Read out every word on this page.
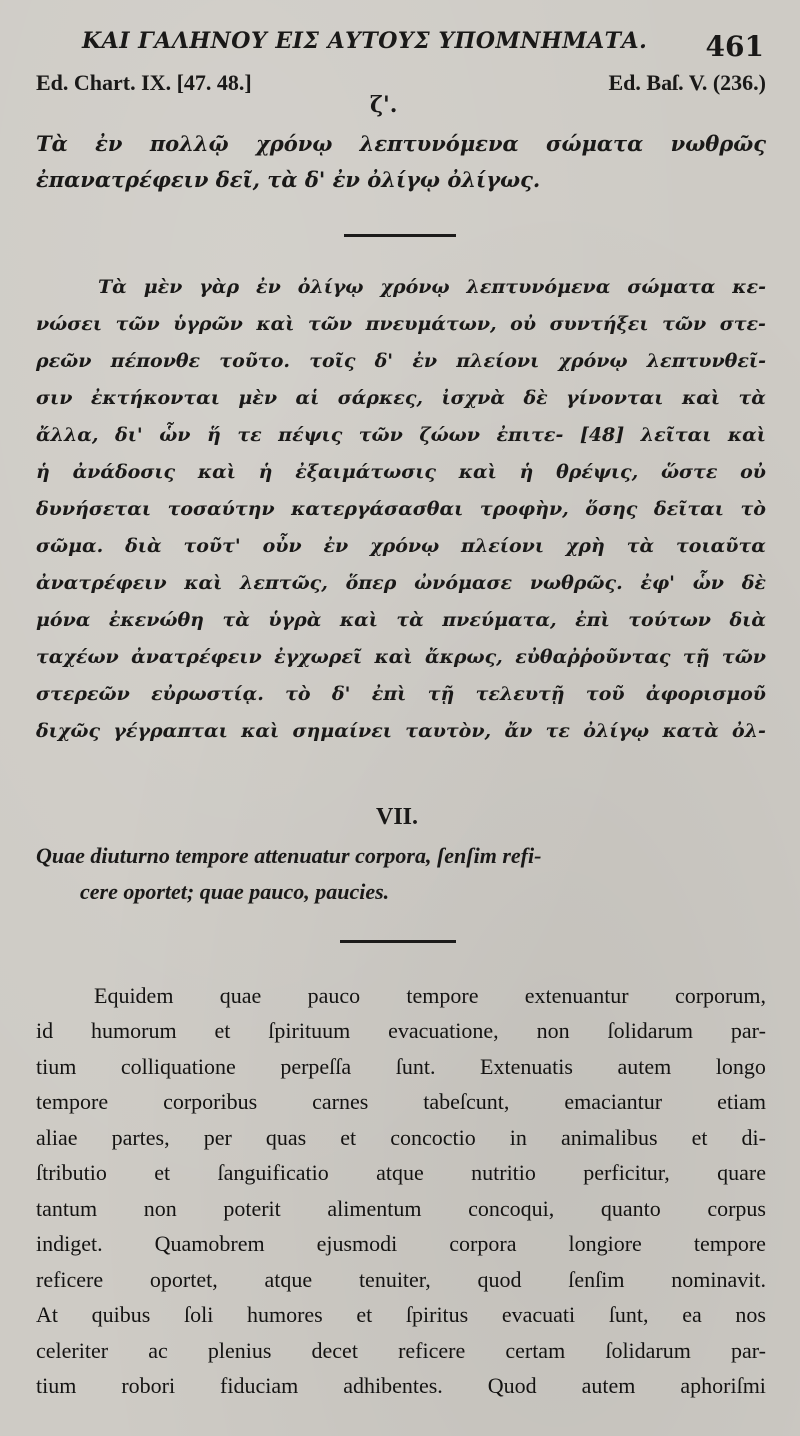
ΚΑΙ ΓΑΛΗΝΟΥ ΕΙΣ ΑΥΤΟΥΣ ΥΠΟΜΝΗΜΑΤΑ.	461
Ed. Chart. IX. [47. 48.]	Ed. Baſ. V. (236.)
ζ'.
Τὰ ἐν πολλῷ χρόνῳ λεπτυνόμενα σώματα νωθρῶς ἐπανατρέφειν δεῖ, τὰ δ' ἐν ὀλίγῳ ὀλίγως.
Τὰ μὲν γὰρ ἐν ὀλίγῳ χρόνῳ λεπτυνόμενα σώματα κε-
νώσει τῶν ὑγρῶν καὶ τῶν πνευμάτων, οὐ συντήξει τῶν στε-
ρεῶν πέπονθε τοῦτο. τοῖς δ' ἐν πλείονι χρόνῳ λεπτυνθεῖ-
σιν ἐκτήκονται μὲν αἱ σάρκες, ἰσχνὰ δὲ γίνονται καὶ τὰ
ἄλλα, δι' ὧν ἥ τε πέψις τῶν ζώων ἐπιτε- [48] λεῖται καὶ
ἡ ἀνάδοσις καὶ ἡ ἐξαιμάτωσις καὶ ἡ θρέψις, ὥστε οὐ
δυνήσεται τοσαύτην κατεργάσασθαι τροφὴν, ὅσης δεῖται τὸ
σῶμα. διὰ τοῦτ' οὖν ἐν χρόνῳ πλείονι χρὴ τὰ τοιαῦτα
ἀνατρέφειν καὶ λεπτῶς, ὅπερ ὠνόμασε νωθρῶς. ἐφ' ὧν δὲ
μόνα ἐκενώθη τὰ ὑγρὰ καὶ τὰ πνεύματα, ἐπὶ τούτων διὰ
ταχέων ἀνατρέφειν ἐγχωρεῖ καὶ ἄκρως, εὐθαῤῥοῦντας τῇ τῶν
στερεῶν εὐρωστίᾳ. τὸ δ' ἐπὶ τῇ τελευτῇ τοῦ ἀφορισμοῦ
διχῶς γέγραπται καὶ σημαίνει ταυτὸν, ἄν τε ὀλίγῳ κατὰ ὀλ-
VII.
Quae diuturno tempore attenuatur corpora, ſenſim refi-
cere oportet; quae pauco, paucies.
Equidem quae pauco tempore extenuantur corporum,
id humorum et ſpirituum evacuatione, non ſolidarum par-
tium colliquatione perpeſſa ſunt. Extenuatis autem longo
tempore corporibus carnes tabeſcunt, emaciantur etiam
aliae partes, per quas et concoctio in animalibus et di-
ſtributio et ſanguificatio atque nutritio perficitur, quare
tantum non poterit alimentum concoqui, quanto corpus
indiget. Quamobrem ejusmodi corpora longiore tempore
reficere oportet, atque tenuiter, quod ſenſim nominavit.
At quibus ſoli humores et ſpiritus evacuati ſunt, ea nos
celeriter ac plenius decet reficere certam ſolidarum par-
tium robori fiduciam adhibentes. Quod autem aphoriſmi
